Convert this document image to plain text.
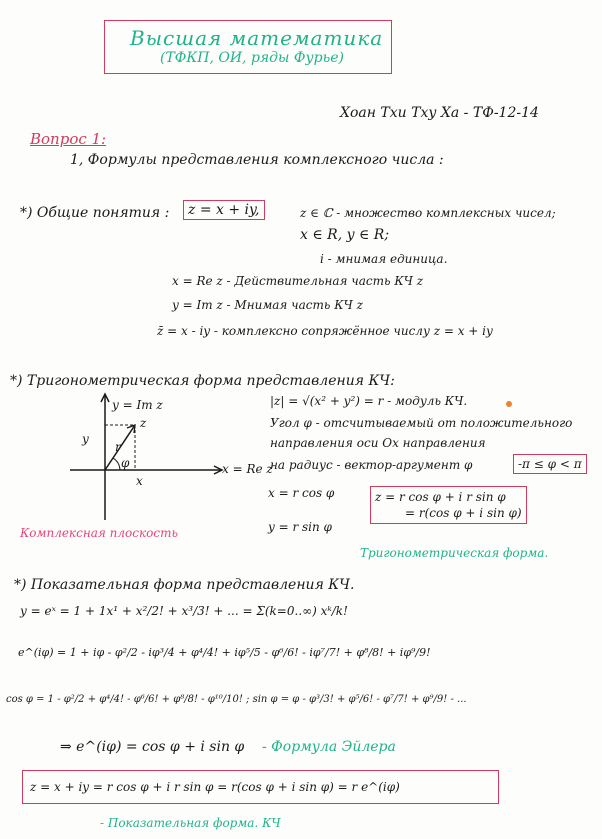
Высшая математика
(ТФКП, ОИ, ряды Фурье)
Хоан Тхи Тху Ха - ТФ-12-14
Вопрос 1:
1, Формулы представления комплексного числа :
*) Общие понятия :	z = x + iy,	z ∈ ℂ - множество комплексных чисел;
x ∈ R, y ∈ R;
i - мнимая единица.
x = Re z - Действительная часть КЧ z
y = Im z - Мнимая часть КЧ z
z̄ = x - iy - комплексно сопряжённое числу z = x + iy
*) Тригонометрическая форма представления КЧ:
|z| = √(x² + y²) = r - модуль КЧ.
Угол φ - отсчитываемый от положительного
направления оси Ox направления
на радиус - вектор-аргумент φ	-π ≤ φ < π
x = r cos φ
y = r sin φ
z = r cos φ + i r sin φ
= r(cos φ + i sin φ)
Тригонометрическая форма.
Комплексная плоскость
y = Im z
x = Re z
y
z
r
φ
x
*) Показательная форма представления КЧ.
y = eˣ = 1 + 1x¹ + x²/2! + x³/3! + ... = Σ(k=0..∞) xᵏ/k!
e^(iφ) = 1 + iφ - φ²/2 - iφ³/4 + φ⁴/4! + iφ⁵/5 - φ⁶/6! - iφ⁷/7! + φ⁸/8! + iφ⁹/9!
cos φ = 1 - φ²/2 + φ⁴/4! - φ⁶/6! + φ⁸/8! - φ¹⁰/10! ; sin φ = φ - φ³/3! + φ⁵/6! - φ⁷/7! + φ⁹/9! - ...
⇒ e^(iφ) = cos φ + i sin φ - Формула Эйлера
z = x + iy = r cos φ + i r sin φ = r(cos φ + i sin φ) = r e^(iφ)
- Показательная форма. КЧ
